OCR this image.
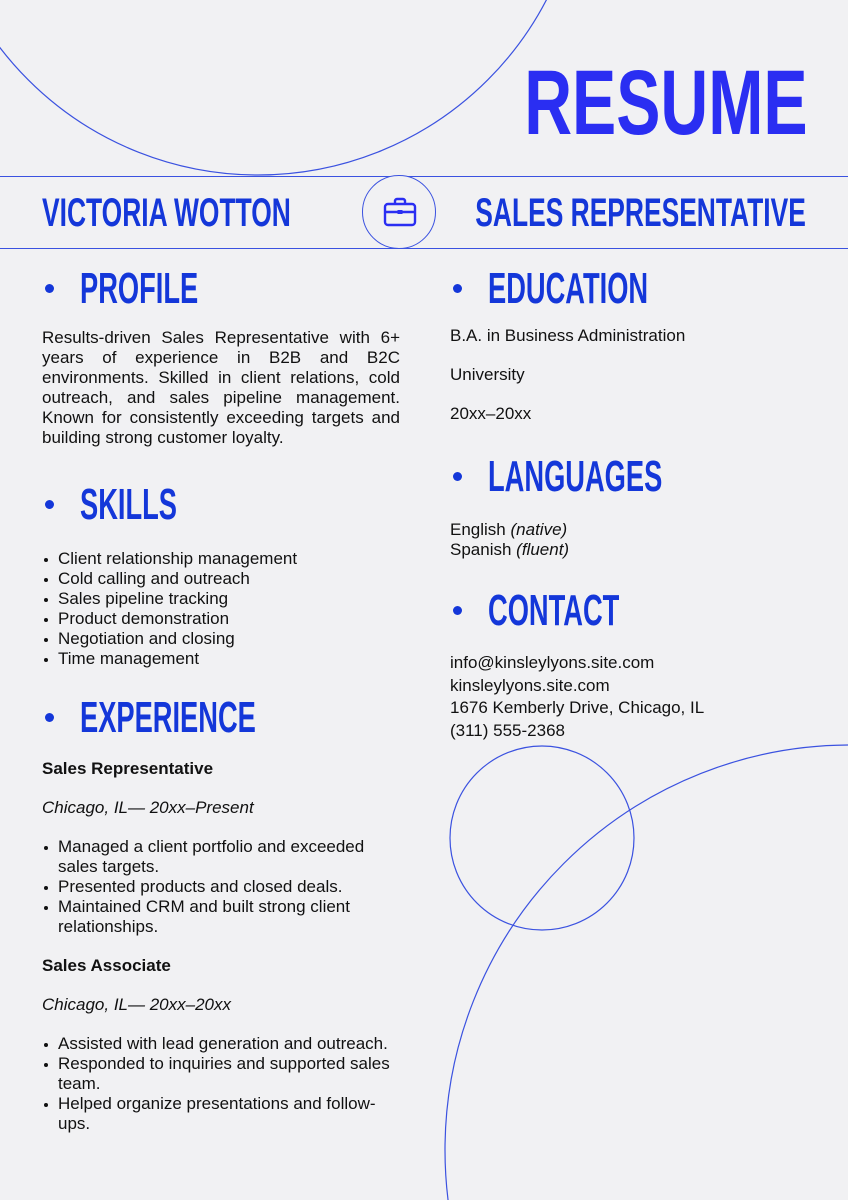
RESUME
VICTORIA WOTTON	SALES REPRESENTATIVE
PROFILE

Results-driven Sales Representative with 6+ years of experience in B2B and B2C environments. Skilled in client relations, cold outreach, and sales pipeline management. Known for consistently exceeding targets and building strong customer loyalty.

SKILLS
Client relationship management
Cold calling and outreach
Sales pipeline tracking
Product demonstration
Negotiation and closing
Time management
EXPERIENCE

Sales Representative

Chicago, IL— 20xx–Present

Managed a client portfolio and exceeded sales targets.
Presented products and closed deals.
Maintained CRM and built strong client relationships.

Sales Associate

Chicago, IL— 20xx–20xx

Assisted with lead generation and outreach.
Responded to inquiries and supported sales team.
Helped organize presentations and follow-ups.
EDUCATION

B.A. in Business Administration

University

20xx–20xx

LANGUAGES

English (native)

Spanish (fluent)

CONTACT

info@kinsleylyons.site.com

kinsleylyons.site.com

1676 Kemberly Drive, Chicago, IL

(311) 555-2368
